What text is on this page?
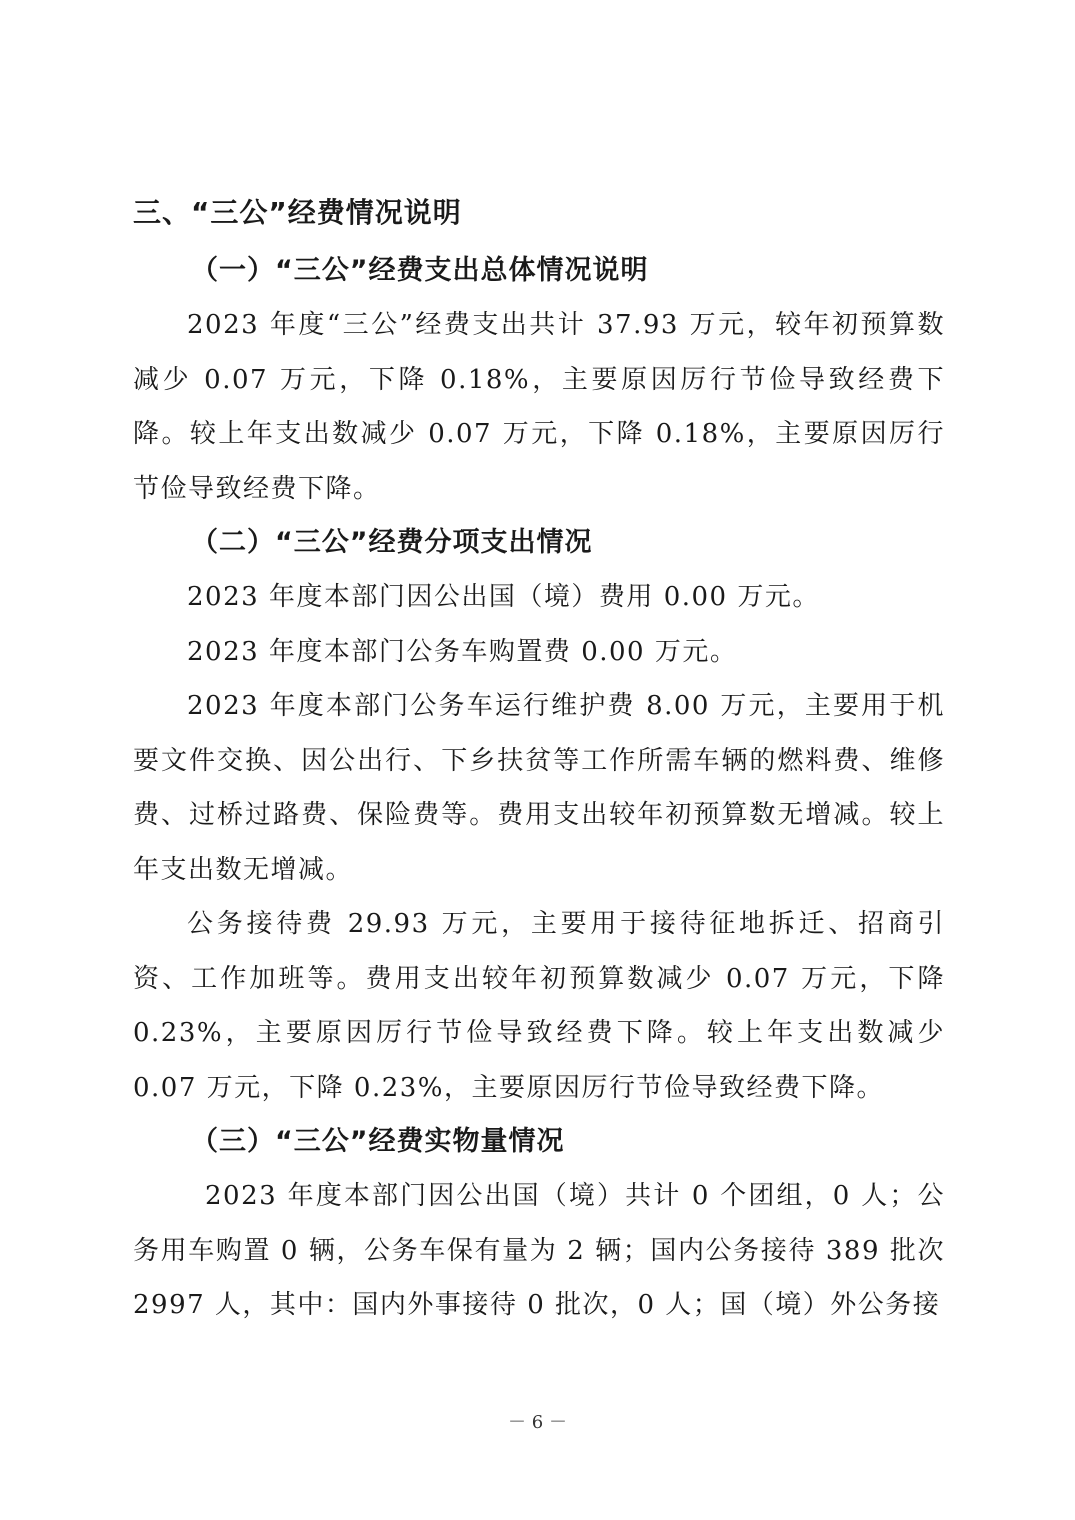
三、“三公”经费情况说明
（一）“三公”经费支出总体情况说明

2023 年度“三公”经费支出共计 37.93 万元，较年初预算数减少 0.07 万元，下降 0.18%，主要原因厉行节俭导致经费下降。较上年支出数减少 0.07 万元，下降 0.18%，主要原因厉行节俭导致经费下降。

（二）“三公”经费分项支出情况

2023 年度本部门因公出国（境）费用 0.00 万元。

2023 年度本部门公务车购置费 0.00 万元。

2023 年度本部门公务车运行维护费 8.00 万元，主要用于机要文件交换、因公出行、下乡扶贫等工作所需车辆的燃料费、维修费、过桥过路费、保险费等。费用支出较年初预算数无增减。较上年支出数无增减。

公务接待费 29.93 万元，主要用于接待征地拆迁、招商引资、工作加班等。费用支出较年初预算数减少 0.07 万元，下降 0.23%，主要原因厉行节俭导致经费下降。较上年支出数减少 0.07 万元，下降 0.23%，主要原因厉行节俭导致经费下降。

（三）“三公”经费实物量情况

2023 年度本部门因公出国（境）共计 0 个团组，0 人；公务用车购置 0 辆，公务车保有量为 2 辆；国内公务接待 389 批次 2997 人，其中：国内外事接待 0 批次，0 人；国（境）外公务接

－ 6 －
